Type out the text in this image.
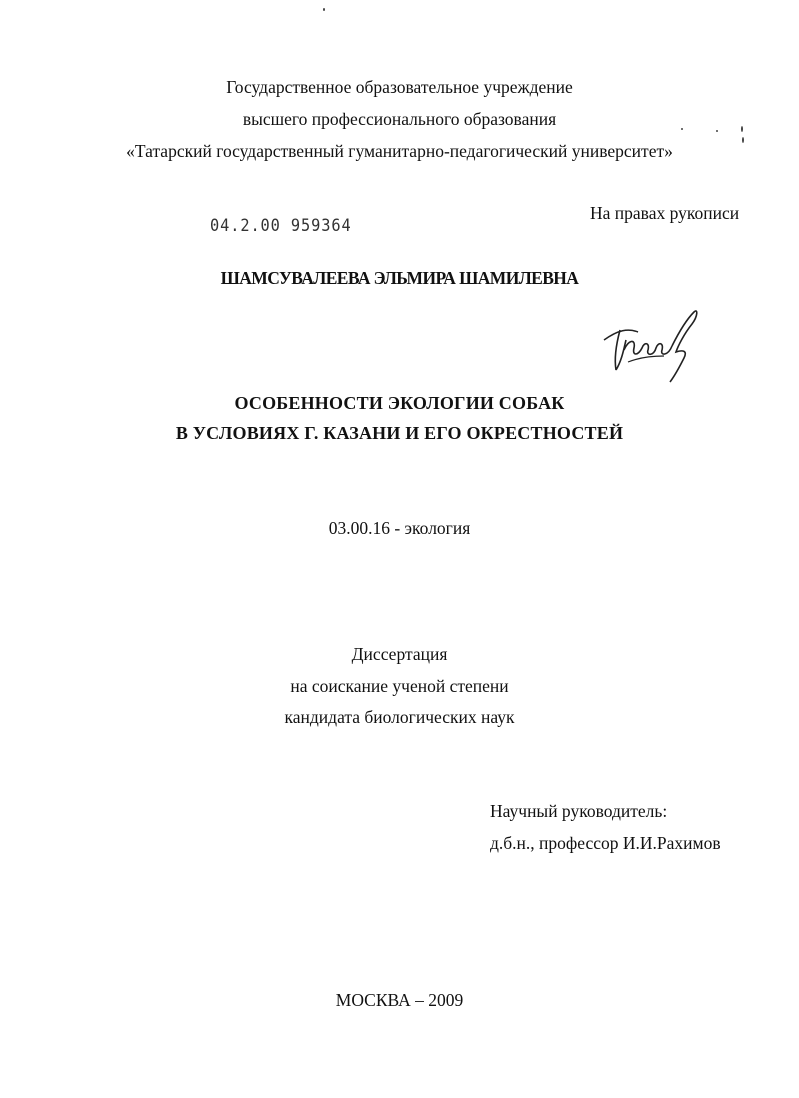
Государственное образовательное учреждение
высшего профессионального образования
«Татарский государственный гуманитарно-педагогический университет»
04.2.00 959364
На правах рукописи
ШАМСУВАЛЕЕВА ЭЛЬМИРА ШАМИЛЕВНА
ОСОБЕННОСТИ ЭКОЛОГИИ СОБАК
В УСЛОВИЯХ Г. КАЗАНИ И ЕГО ОКРЕСТНОСТЕЙ
03.00.16 - экология
Диссертация
на соискание ученой степени
кандидата биологических наук
Научный руководитель:
д.б.н., профессор И.И.Рахимов
МОСКВА – 2009
